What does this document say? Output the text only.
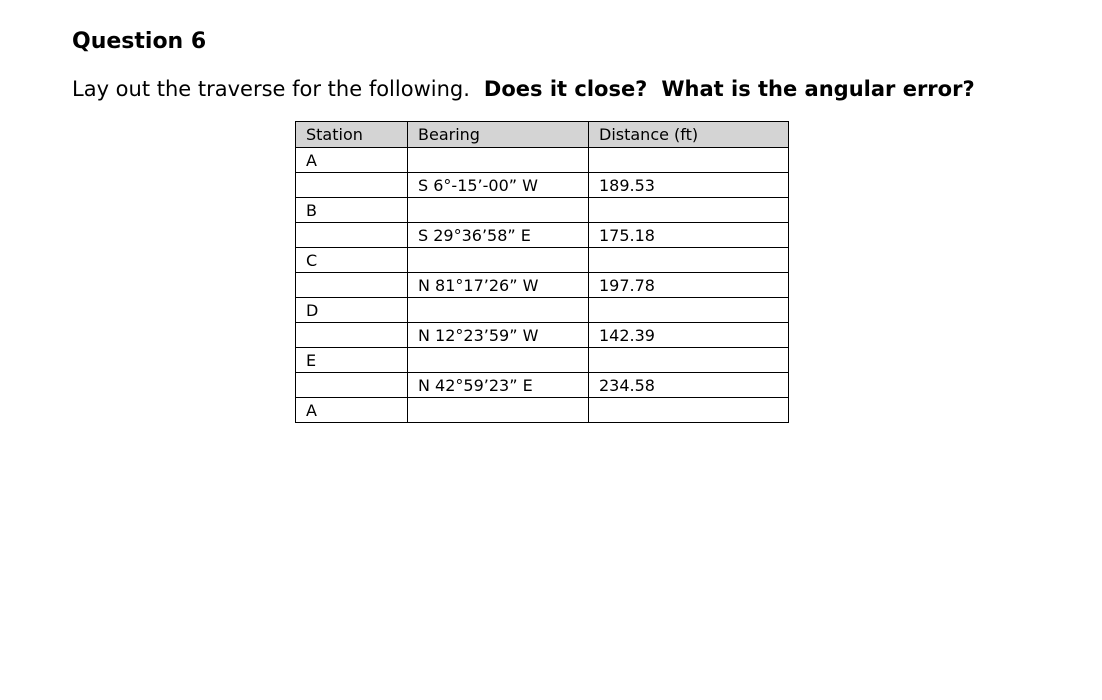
Question 6
Lay out the traverse for the following. Does it close? What is the angular error?
Station	Bearing	Distance (ft)
A		
	S 6°-15’-00” W	189.53
B		
	S 29°36’58” E	175.18
C		
	N 81°17’26” W	197.78
D		
	N 12°23’59” W	142.39
E		
	N 42°59’23” E	234.58
A		
